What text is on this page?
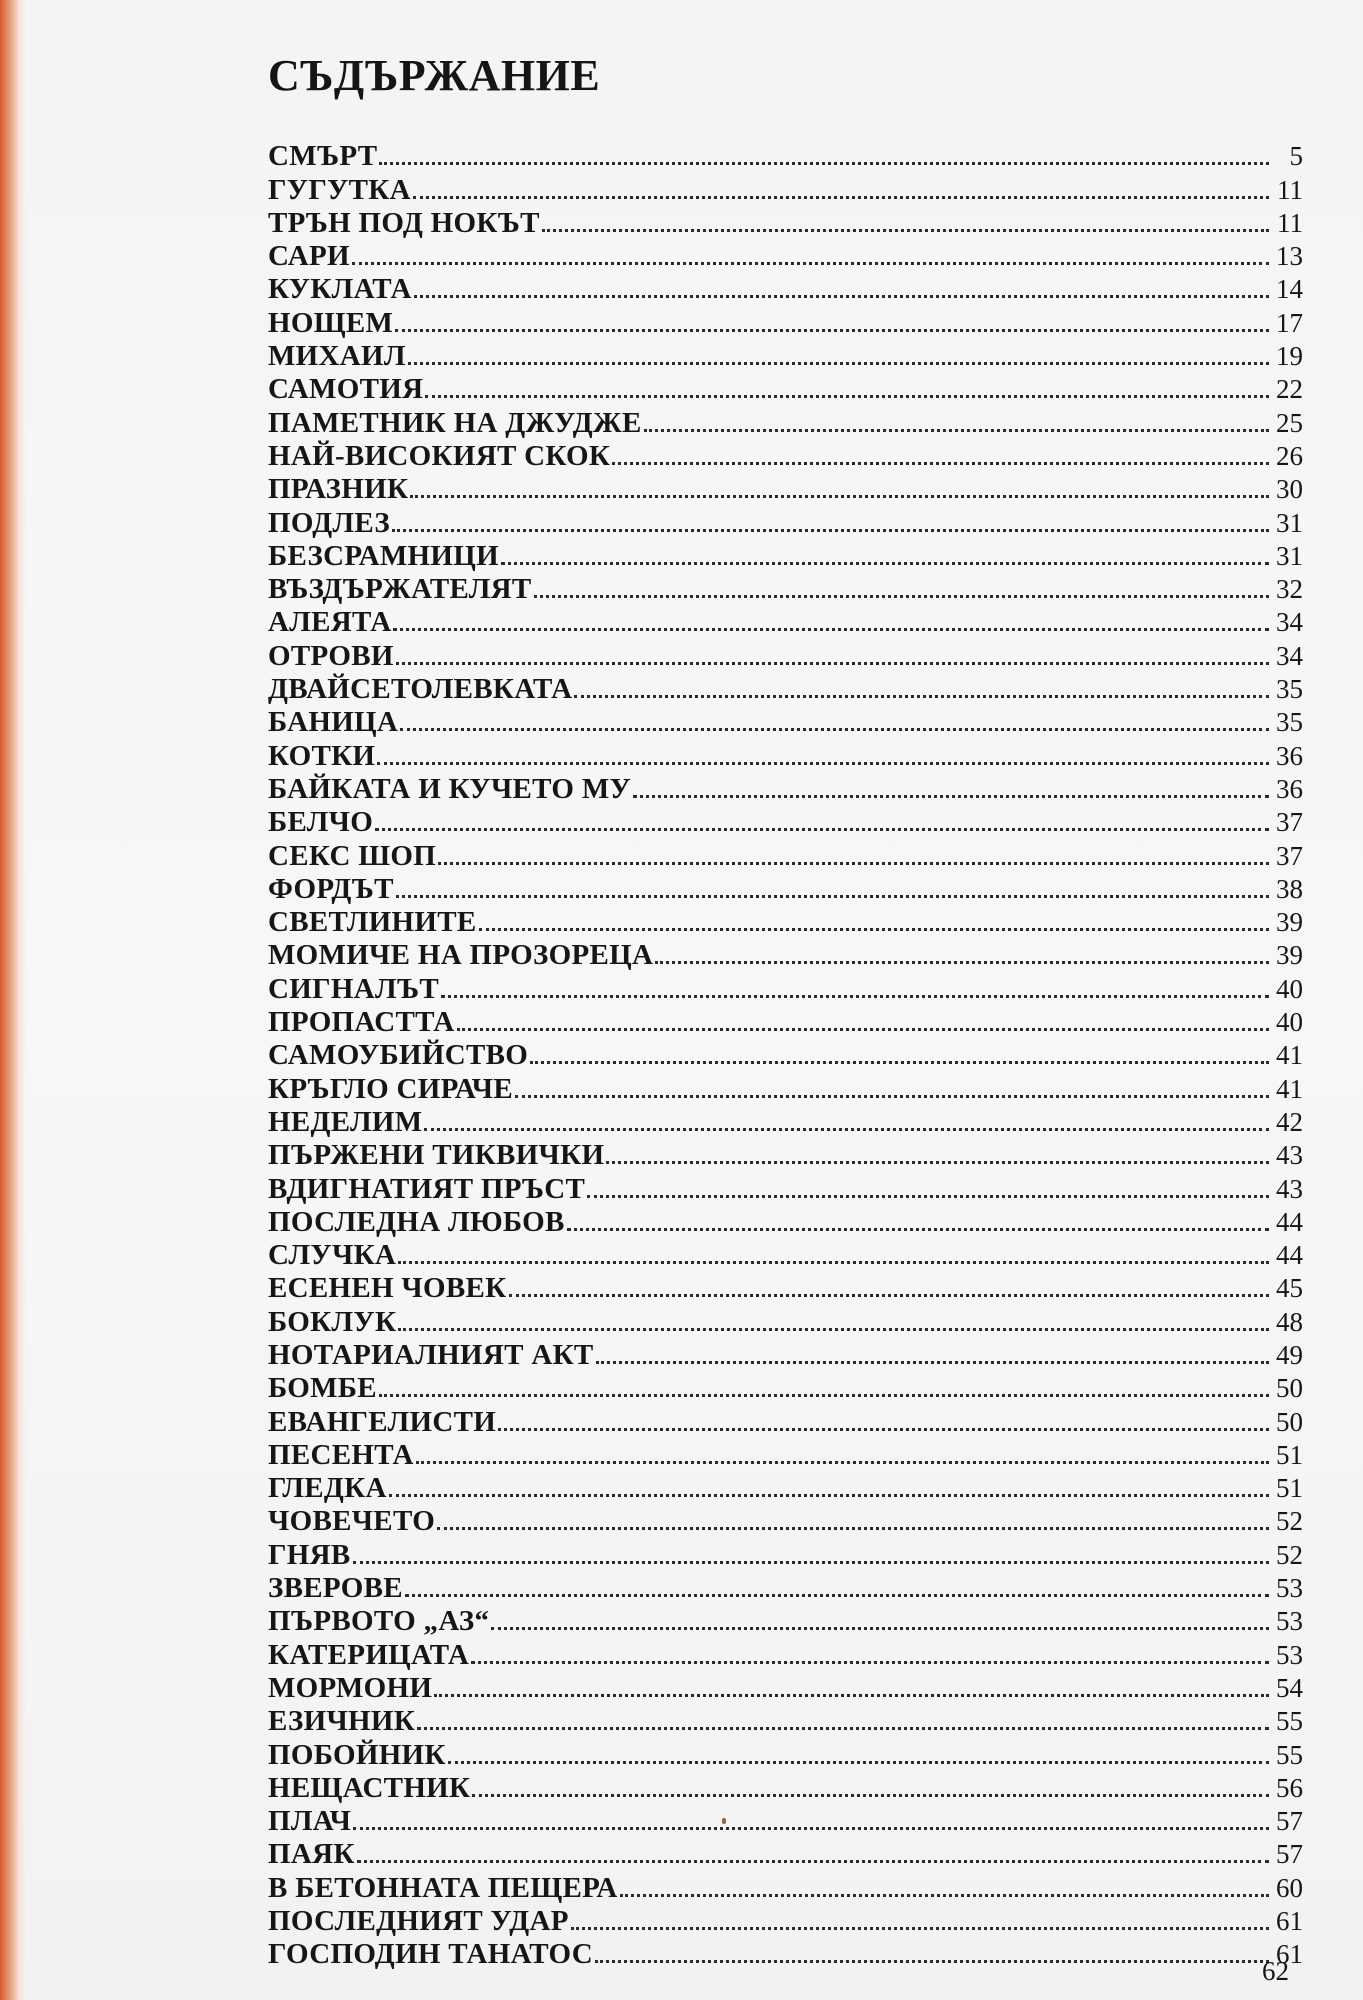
СЪДЪРЖАНИЕ
СМЪРТ	5
ГУГУТКА	11
ТРЪН ПОД НОКЪТ	11
САРИ	13
КУКЛАТА	14
НОЩЕМ	17
МИХАИЛ	19
САМОТИЯ	22
ПАМЕТНИК НА ДЖУДЖЕ	25
НАЙ-ВИСОКИЯТ СКОК	26
ПРАЗНИК	30
ПОДЛЕЗ	31
БЕЗСРАМНИЦИ	31
ВЪЗДЪРЖАТЕЛЯТ	32
АЛЕЯТА	34
ОТРОВИ	34
ДВАЙСЕТОЛЕВКАТА	35
БАНИЦА	35
КОТКИ	36
БАЙКАТА И КУЧЕТО МУ	36
БЕЛЧО	37
СЕКС ШОП	37
ФОРДЪТ	38
СВЕТЛИНИТЕ	39
МОМИЧЕ НА ПРОЗОРЕЦА	39
СИГНАЛЪТ	40
ПРОПАСТТА	40
САМОУБИЙСТВО	41
КРЪГЛО СИРАЧЕ	41
НЕДЕЛИМ	42
ПЪРЖЕНИ ТИКВИЧКИ	43
ВДИГНАТИЯТ ПРЪСТ	43
ПОСЛЕДНА ЛЮБОВ	44
СЛУЧКА	44
ЕСЕНЕН ЧОВЕК	45
БОКЛУК	48
НОТАРИАЛНИЯТ АКТ	49
БОМБЕ	50
ЕВАНГЕЛИСТИ	50
ПЕСЕНТА	51
ГЛЕДКА	51
ЧОВЕЧЕТО	52
ГНЯВ	52
ЗВЕРОВЕ	53
ПЪРВОТО „АЗ“	53
КАТЕРИЦАТА	53
МОРМОНИ	54
ЕЗИЧНИК	55
ПОБОЙНИК	55
НЕЩАСТНИК	56
ПЛАЧ	57
ПАЯК	57
В БЕТОННАТА ПЕЩЕРА	60
ПОСЛЕДНИЯТ УДАР	61
ГОСПОДИН ТАНАТОС	61
62
